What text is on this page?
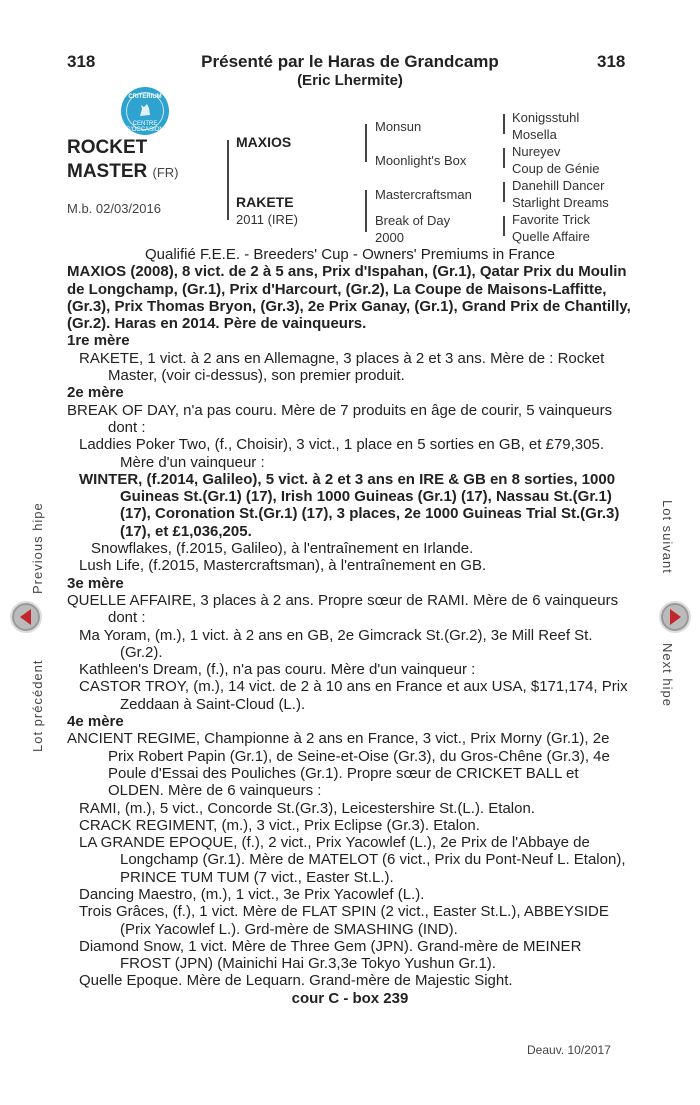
318	Présenté par le Haras de Grandcamp
(Eric Lhermite)
318
CRITERIUM
CENTRE D'OCCASION
ROCKET
MASTER (FR)
M.b. 02/03/2016
MAXIOS
RAKETE
2011 (IRE)
Monsun
Moonlight's Box
Mastercraftsman
Break of Day
2000
Konigsstuhl
Mosella
Nureyev
Coup de Génie
Danehill Dancer
Starlight Dreams
Favorite Trick
Quelle Affaire

Qualifié F.E.E. - Breeders' Cup - Owners' Premiums in France

MAXIOS (2008), 8 vict. de 2 à 5 ans, Prix d'Ispahan, (Gr.1), Qatar Prix du Moulin de Longchamp, (Gr.1), Prix d'Harcourt, (Gr.2), La Coupe de Maisons-Laffitte, (Gr.3), Prix Thomas Bryon, (Gr.3), 2e Prix Ganay, (Gr.1), Grand Prix de Chantilly, (Gr.2). Haras en 2014. Père de vainqueurs.

1re mère

RAKETE, 1 vict. à 2 ans en Allemagne, 3 places à 2 et 3 ans. Mère de : Rocket Master, (voir ci-dessus), son premier produit.

2e mère

BREAK OF DAY, n'a pas couru. Mère de 7 produits en âge de courir, 5 vainqueurs dont :

Laddies Poker Two, (f., Choisir), 3 vict., 1 place en 5 sorties en GB, et £79,305. Mère d'un vainqueur :

WINTER, (f.2014, Galileo), 5 vict. à 2 et 3 ans en IRE & GB en 8 sorties, 1000 Guineas St.(Gr.1) (17), Irish 1000 Guineas (Gr.1) (17), Nassau St.(Gr.1) (17), Coronation St.(Gr.1) (17), 3 places, 2e 1000 Guineas Trial St.(Gr.3) (17), et £1,036,205.

Snowflakes, (f.2015, Galileo), à l'entraînement en Irlande.

Lush Life, (f.2015, Mastercraftsman), à l'entraînement en GB.

3e mère

QUELLE AFFAIRE, 3 places à 2 ans. Propre sœur de RAMI. Mère de 6 vainqueurs dont :

Ma Yoram, (m.), 1 vict. à 2 ans en GB, 2e Gimcrack St.(Gr.2), 3e Mill Reef St.(Gr.2).

Kathleen's Dream, (f.), n'a pas couru. Mère d'un vainqueur :

CASTOR TROY, (m.), 14 vict. de 2 à 10 ans en France et aux USA, $171,174, Prix Zeddaan à Saint-Cloud (L.).

4e mère

ANCIENT REGIME, Championne à 2 ans en France, 3 vict., Prix Morny (Gr.1), 2e Prix Robert Papin (Gr.1), de Seine-et-Oise (Gr.3), du Gros-Chêne (Gr.3), 4e Poule d'Essai des Pouliches (Gr.1). Propre sœur de CRICKET BALL et OLDEN. Mère de 6 vainqueurs :

RAMI, (m.), 5 vict., Concorde St.(Gr.3), Leicestershire St.(L.). Etalon.

CRACK REGIMENT, (m.), 3 vict., Prix Eclipse (Gr.3). Etalon.

LA GRANDE EPOQUE, (f.), 2 vict., Prix Yacowlef (L.), 2e Prix de l'Abbaye de Longchamp (Gr.1). Mère de MATELOT (6 vict., Prix du Pont-Neuf L. Etalon), PRINCE TUM TUM (7 vict., Easter St.L.).

Dancing Maestro, (m.), 1 vict., 3e Prix Yacowlef (L.).

Trois Grâces, (f.), 1 vict. Mère de FLAT SPIN (2 vict., Easter St.L.), ABBEYSIDE (Prix Yacowlef L.). Grd-mère de SMASHING (IND).

Diamond Snow, 1 vict. Mère de Three Gem (JPN). Grand-mère de MEINER FROST (JPN) (Mainichi Hai Gr.3,3e Tokyo Yushun Gr.1).

Quelle Epoque. Mère de Lequarn. Grand-mère de Majestic Sight.

cour C - box 239

Deauv. 10/2017
Previous hipe
Lot précédent
Lot suivant
Next hipe
